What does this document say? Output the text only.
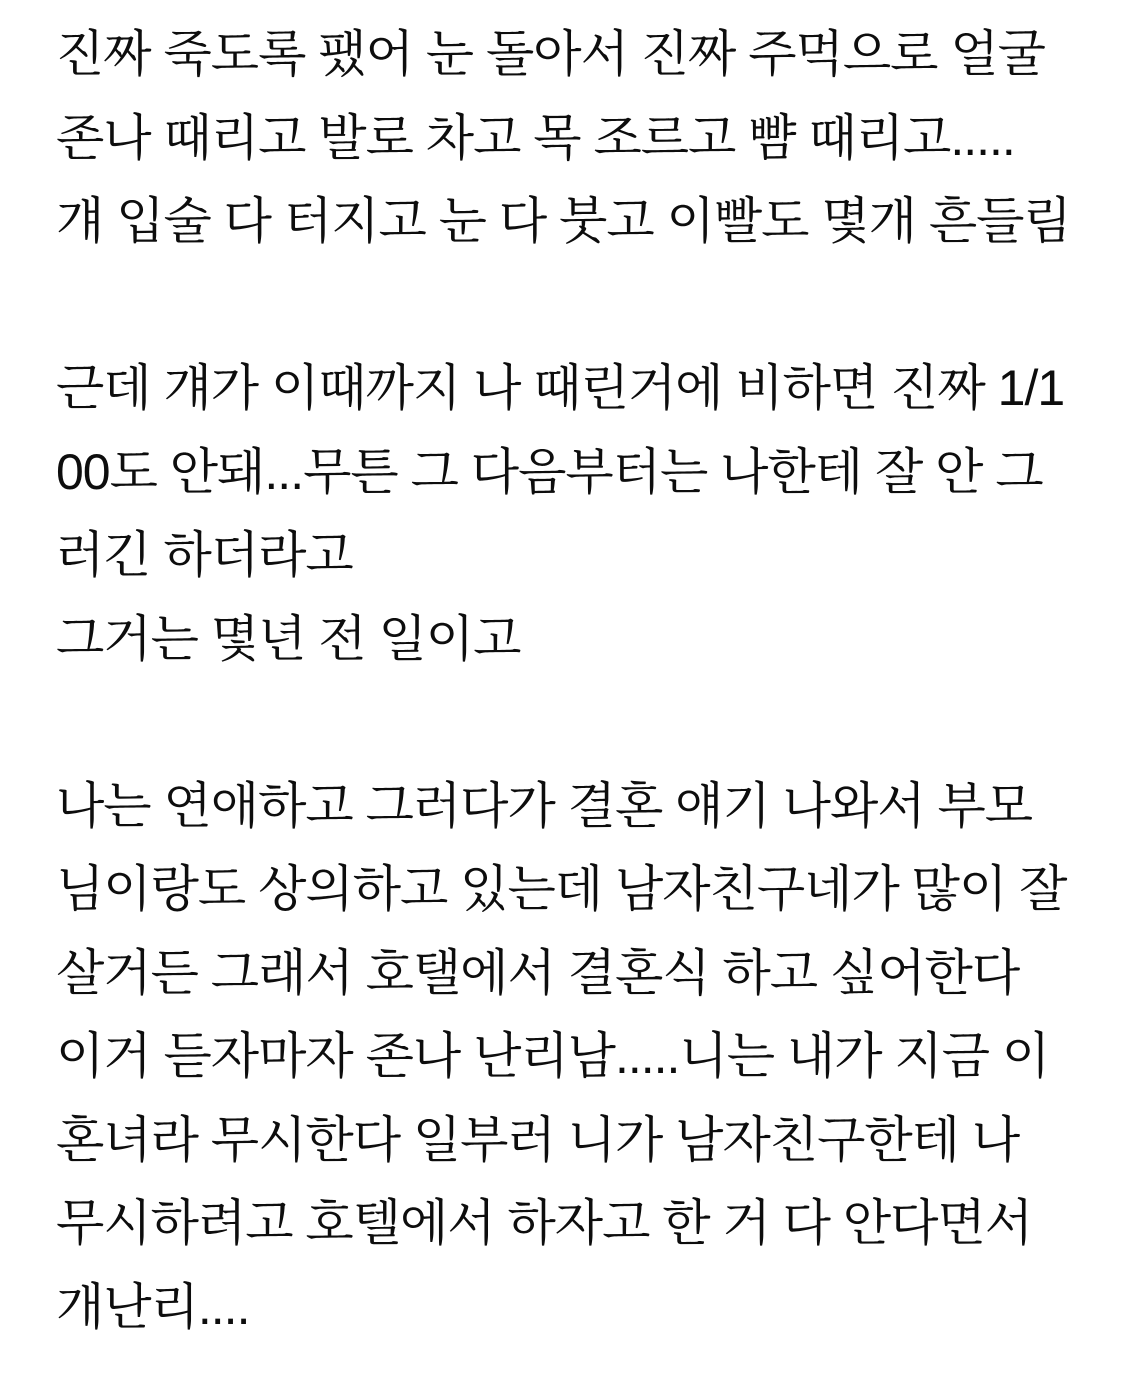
진짜 죽도록 팼어 눈 돌아서 진짜 주먹으로 얼굴
존나 때리고 발로 차고 목 조르고 뺨 때리고.....
걔 입술 다 터지고 눈 다 붓고 이빨도 몇개 흔들림
근데 걔가 이때까지 나 때린거에 비하면 진짜 1/1
00도 안돼...무튼 그 다음부터는 나한테 잘 안 그
러긴 하더라고
그거는 몇년 전 일이고
나는 연애하고 그러다가 결혼 얘기 나와서 부모
님이랑도 상의하고 있는데 남자친구네가 많이 잘
살거든 그래서 호탤에서 결혼식 하고 싶어한다
이거 듣자마자 존나 난리남.....니는 내가 지금 이
혼녀라 무시한다 일부러 니가 남자친구한테 나
무시하려고 호텔에서 하자고 한 거 다 안다면서
개난리....
